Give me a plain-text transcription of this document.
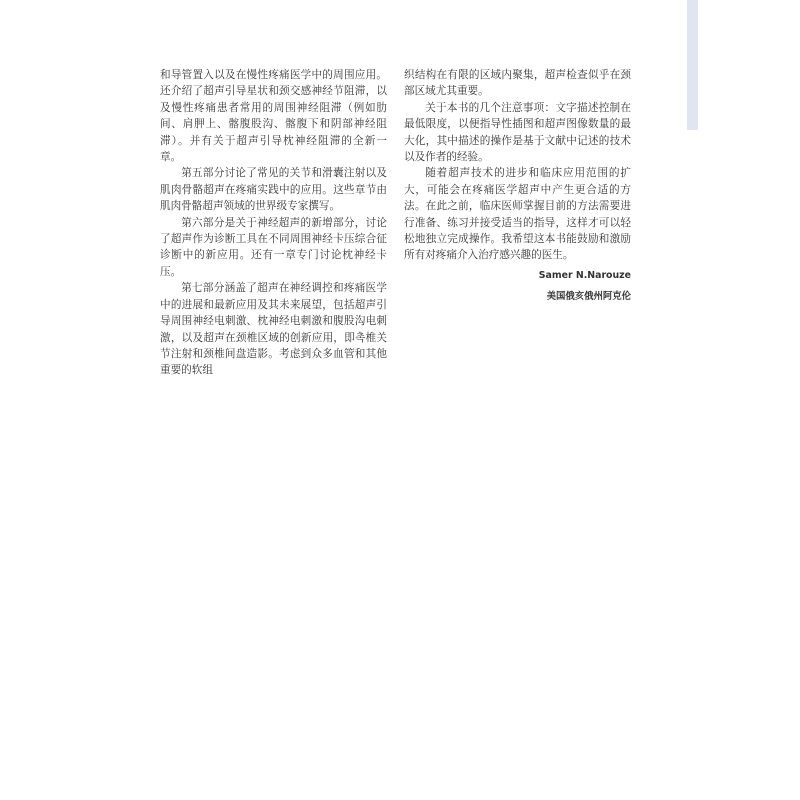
和导管置入以及在慢性疼痛医学中的周围应用。还介绍了超声引导星状和颈交感神经节阻滞，以及慢性疼痛患者常用的周围神经阻滞（例如肋间、肩胛上、髂腹股沟、髂腹下和阴部神经阻滞）。并有关于超声引导枕神经阻滞的全新一章。

第五部分讨论了常见的关节和滑囊注射以及肌肉骨骼超声在疼痛实践中的应用。这些章节由肌肉骨骼超声领域的世界级专家撰写。

第六部分是关于神经超声的新增部分，讨论了超声作为诊断工具在不同周围神经卡压综合征诊断中的新应用。还有一章专门讨论枕神经卡压。

第七部分涵盖了超声在神经调控和疼痛医学中的进展和最新应用及其未来展望，包括超声引导周围神经电刺激、枕神经电刺激和腹股沟电刺激，以及超声在颈椎区域的创新应用，即촉椎关节注射和颈椎间盘造影。考虑到众多血管和其他重要的软组

织结构在有限的区域内聚集，超声检查似乎在颈部区域尤其重要。

关于本书的几个注意事项：文字描述控制在最低限度，以便指导性插图和超声图像数量的最大化，其中描述的操作是基于文献中记述的技术以及作者的经验。

随着超声技术的进步和临床应用范围的扩大，可能会在疼痛医学超声中产生更合适的方法。在此之前，临床医师掌握目前的方法需要进行准备、练习并接受适当的指导，这样才可以轻松地独立完成操作。我希望这本书能鼓励和激励所有对疼痛介入治疗感兴趣的医生。

Samer N.Narouze
美国俄亥俄州阿克伦
